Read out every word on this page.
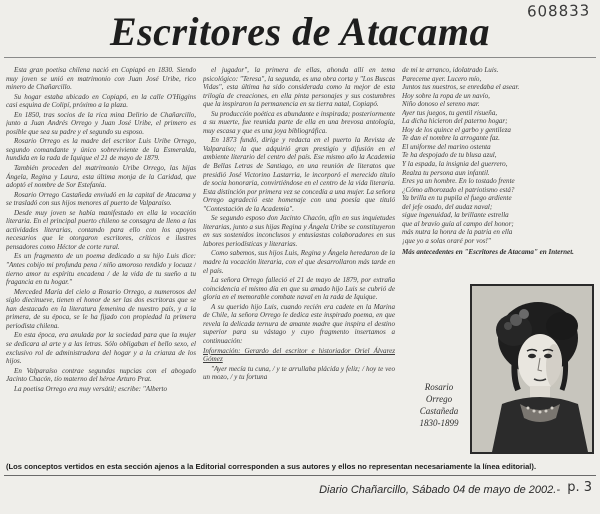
608833
Escritores de Atacama

Esta gran poetisa chilena nació en Copiapó en 1830. Siendo muy joven se unió en matrimonio con Juan José Uribe, rico minero de Chañarcillo.

Su hogar estaba ubicado en Copiapó, en la calle O'Higgins casi esquina de Colipí, próximo a la plaza.

En 1850, tras socios de la rica mina Delirio de Chañarcillo, junto a Juan Andrés Orrego y Juan José Uribe, el primero es posible que sea su padre y el segundo su esposo.

Rosario Orrego es la madre del escritor Luis Uribe Orrego, segundo comandante y único sobreviviente de la Esmeralda, hundida en la rada de Iquique el 21 de mayo de 1879.

También proceden del matrimonio Uribe Orrego, las hijas Ángela, Regina y Laura, esta última monja de la Caridad, que adoptó el nombre de Sor Estefanía.

Rosario Orrego Castañeda enviudó en la capital de Atacama y se trasladó con sus hijos menores al puerto de Valparaíso.

Desde muy joven se había manifestado en ella la vocación literaria. En el principal puerto chileno se consagra de lleno a las actividades literarias, contando para ello con los apoyos necesarios que le otorgaron escritores, críticos e ilustres pensadores como Héctor de corte rural.

Es un fragmento de un poema dedicado a su hijo Luis dice: "Antes cobijo mi profunda pena / niño amoroso rendido y locuaz / tierno amor tu espíritu encadena / de la vida de tu sueño a tu fragancia en tu hogar."

Merceded María del cielo a Rosario Orrego, a numerosos del siglo diecinueve, tienen el honor de ser las dos escritoras que se han destacado en la literatura femenina de nuestro país, y a la primera, de su época, se le ha fijado con propiedad la primera periodista chilena.

En esta época, era anulada por la sociedad para que la mujer se dedicara al arte y a las letras. Sólo obligaban el bello sexo, el exclusivo rol de administradora del hogar y a la crianza de los hijos.

En Valparaíso contrae segundas nupcias con el abogado Jacinto Chacón, tío materno del héroe Arturo Prat.

La poetisa Orrego era muy versátil; escribe: "Alberto

el jugador", la primera de ellas, ahonda allí en tema psicológico: "Teresa", la segunda, es una obra corta y "Los Buscas Vidas", esta última ha sido considerada como la mejor de esta trilogía de creaciones, en ella pinta personajes y sus costumbres que la inspiraron la permanencia en su tierra natal, Copiapó.

Su producción poética es abundante e inspirada; posteriormente a su muerte, fue reunida parte de ella en una brevosa antología, muy escasa y que es una joya bibliográfica.

En 1873 fundó, dirige y redacta en el puerto la Revista de Valparaíso; la que adquirió gran prestigio y difusión en el ambiente literario del centro del país. Ese mismo año la Academia de Bellas Letras de Santiago, en una reunión de literatos que presidió José Victorino Lastarria, le incorporó el merecido título de socia honoraria, convirtiéndose en el centro de la vida literaria. Esta distinción por primera vez se concedía a una mujer. La señora Orrego agradeció este homenaje con una poesía que tituló "Contestación de la Academia".

Se segundo esposo don Jacinto Chacón, afín en sus inquietudes literarias, junto a sus hijas Regina y Ángela Uribe se constituyeron en sus sostenidos inconclusos y entusiastas colaboradores en sus labores periodísticas y literarias.

Como sabemos, sus hijos Luis, Regina y Ángela heredaron de la madre la vocación literaria, con el que desarrollaron más tarde en el país.

La señora Orrego falleció el 21 de mayo de 1879, por extraña coincidencia el mismo día en que su amado hijo Luis se cubrió de gloria en el memorable combate naval en la rada de Iquique.

A su querido hijo Luis, cuando recién era cadete en la Marina de Chile, la señora Orrego le dedica este inspirado poema, en que revela la delicada ternura de amante madre que inspira el destino superior para su vástago y cuyo fragmento insertamos a continuación:

Información: Gerardo del escritor e historiador Oriel Álvarez Gómez

"Ayer mecía tu cuna, / y te arrullaba plácida y feliz; / hoy te veo un mozo, / y tu fortuna

de mi te arranco, idolatrado Luis.

Pareceme ayer. Lucero mío,

Juntos tus nuestros, se enredaba el asear.

Hoy sobre la ropa de un navío,

Niño donoso el sereno mar.

Ayer tus juegos, tu gentil risueña,

La dicha hicieron del paterno hogar;

Hoy de los quince el garbo y gentileza

Te dan el nombre la arrogante faz.

El uniforme del marino ostenta

Te ha despojado de tu blusa azul,

Y la espada, la insignia del guerrero,

Realza tu persona aun infantil.

Eres ya un hombre. En lo tostado frente

¿Cómo alborozado el patriotismo está?

Ya brilla en tu pupila el fuego ardiente

del jefe osado, del audaz naval;

sigue ingenuidad, la brillante estrella

que al bravío guía al campo del honor;

más nutra la honra de la patria en ella

¡que yo a solas oraré por vos!"

Más antecedentes en "Escritores de Atacama" en Internet.

Rosario
Orrego
Castañeda
1830-1899
(Los conceptos vertidos en esta sección ajenos a la Editorial corresponden a sus autores y ellos no representan necesariamente la línea editorial).
Diario Chañarcillo, Sábado 04 de mayo de 2002.- p. 3
